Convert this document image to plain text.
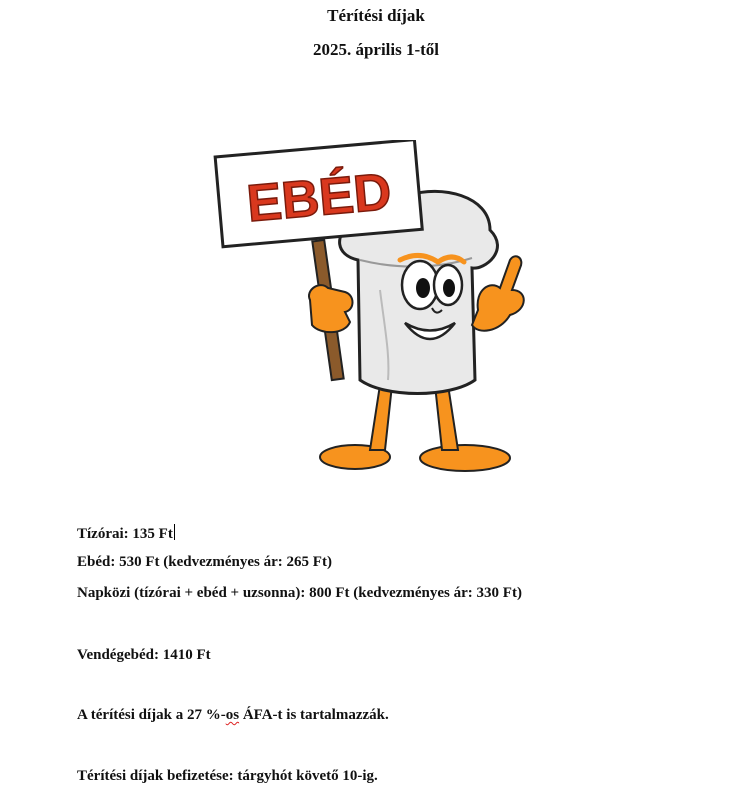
Térítési díjak
2025. április 1-től
EBÉD

Tízórai: 135 Ft

Ebéd: 530 Ft (kedvezményes ár: 265 Ft)

Napközi (tízórai + ebéd + uzsonna): 800 Ft (kedvezményes ár: 330 Ft)

Vendégebéd: 1410 Ft

A térítési díjak a 27 %-os ÁFA-t is tartalmazzák.

Térítési díjak befizetése: tárgyhót követő 10-ig.
